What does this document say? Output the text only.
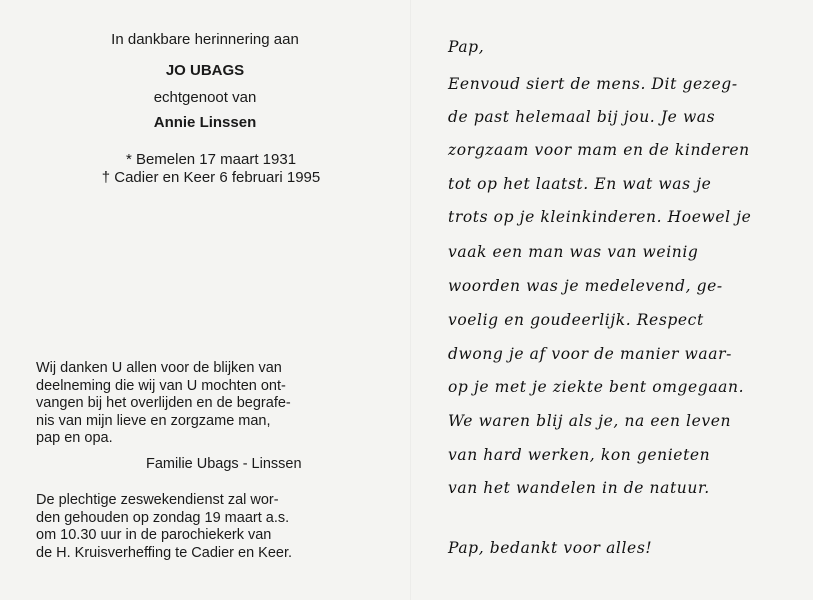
In dankbare herinnering aan
JO UBAGS
echtgenoot van
Annie Linssen
* Bemelen 17 maart 1931
† Cadier en Keer 6 februari 1995
Wij danken U allen voor de blijken van
deelneming die wij van U mochten ont-
vangen bij het overlijden en de begrafe-
nis van mijn lieve en zorgzame man,
pap en opa.
Familie Ubags - Linssen
De plechtige zeswekendienst zal wor-
den gehouden op zondag 19 maart a.s.
om 10.30 uur in de parochiekerk van
de H. Kruisverheffing te Cadier en Keer.
Pap,
Eenvoud siert de mens. Dit gezeg-
de past helemaal bij jou. Je was
zorgzaam voor mam en de kinderen
tot op het laatst. En wat was je
trots op je kleinkinderen. Hoewel je
vaak een man was van weinig
woorden was je medelevend, ge-
voelig en goudeerlijk. Respect
dwong je af voor de manier waar-
op je met je ziekte bent omgegaan.
We waren blij als je, na een leven
van hard werken, kon genieten
van het wandelen in de natuur.
Pap, bedankt voor alles!
